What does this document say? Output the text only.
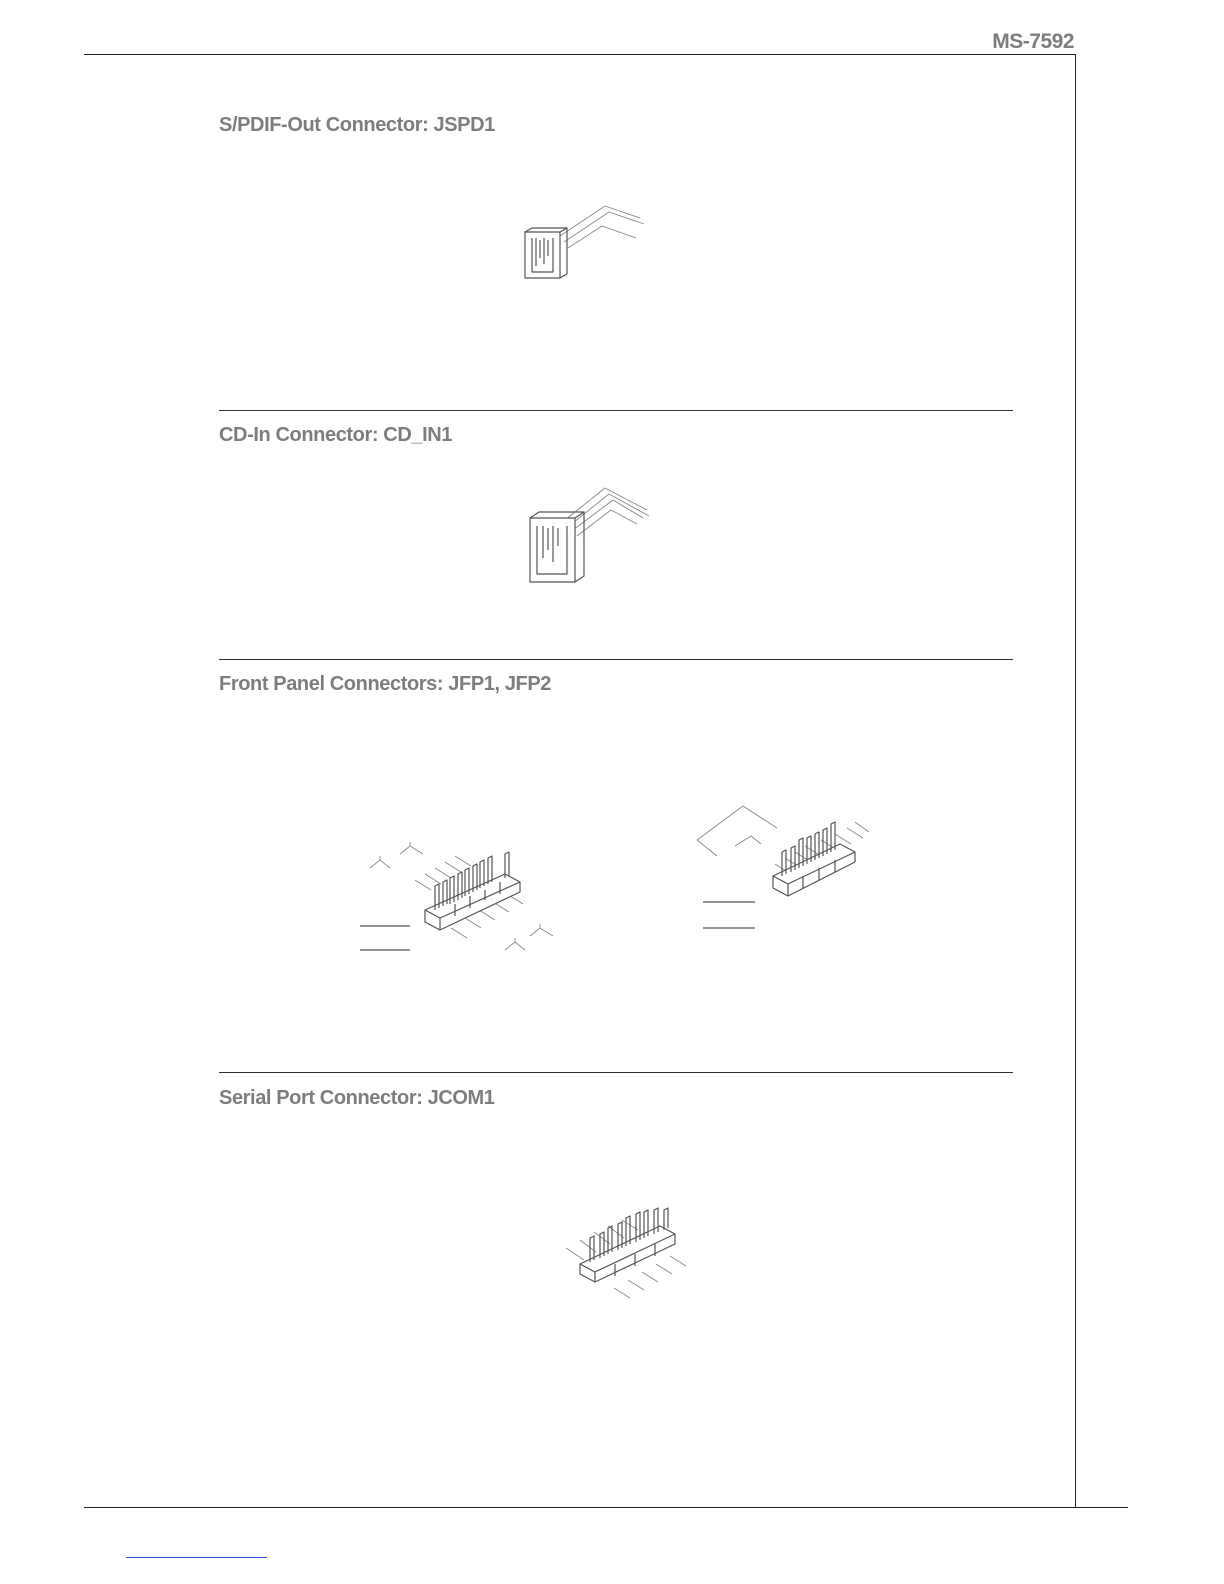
MS-7592
S/PDIF-Out Connector: JSPD1
CD-In Connector: CD_IN1
Front Panel Connectors: JFP1, JFP2
Serial Port Connector: JCOM1
